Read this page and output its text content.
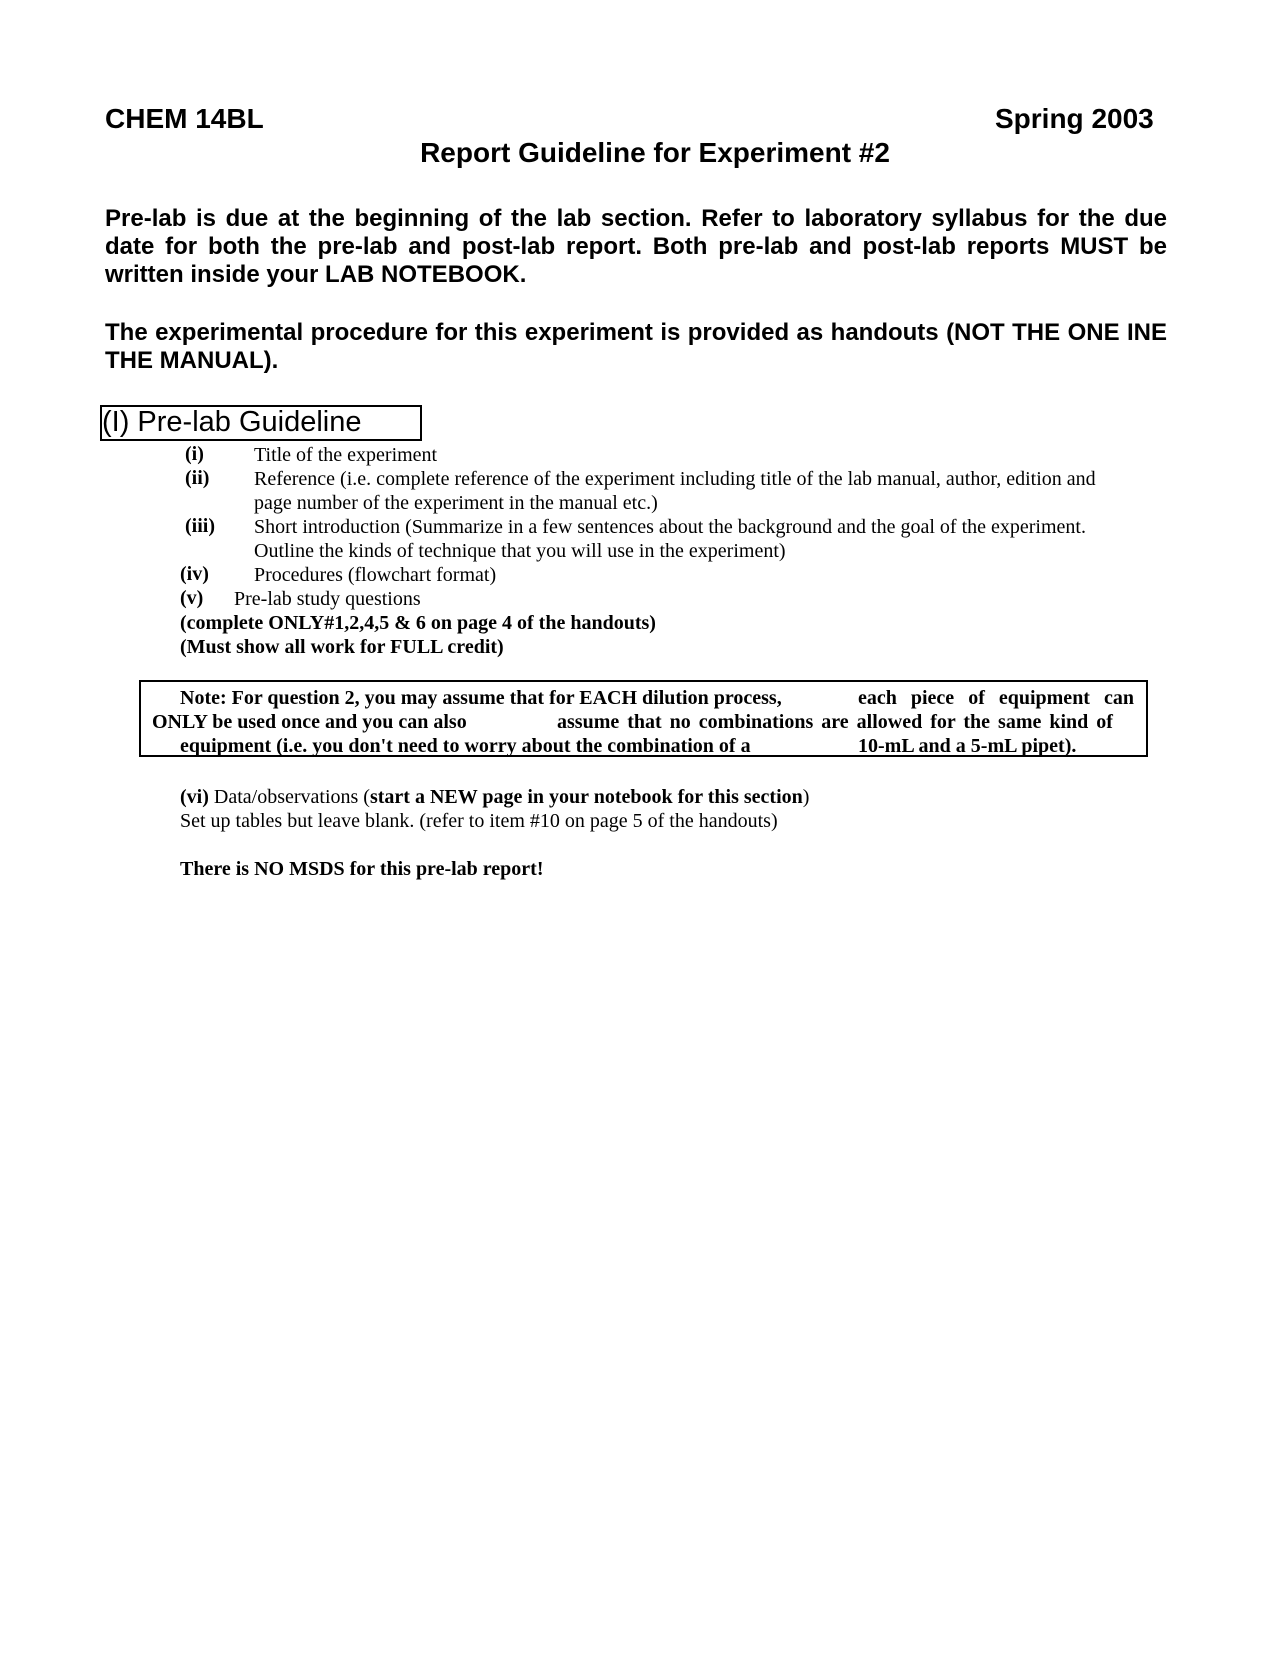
CHEM 14BL	Spring 2003
Report Guideline for Experiment #2
Pre-lab is due at the beginning of the lab section. Refer to laboratory syllabus for the due date for both the pre-lab and post-lab report. Both pre-lab and post-lab reports MUST be written inside your LAB NOTEBOOK.
The experimental procedure for this experiment is provided as handouts (NOT THE ONE INE THE MANUAL).
(I) Pre-lab Guideline
(i)	Title of the experiment
(ii) Reference (i.e. complete reference of the experiment including title of the lab manual, author, edition and
page number of the experiment in the manual etc.)
(iii) Short introduction (Summarize in a few sentences about the background and the goal of the experiment.
Outline the kinds of technique that you will use in the experiment)
(iv) Procedures (flowchart format)
(v) Pre-lab study questions
(complete ONLY#1,2,4,5 & 6 on page 4 of the handouts)
(Must show all work for FULL credit)
Note: For question 2, you may assume that for EACH dilution process,	each piece of equipment can
ONLY be used once and you can also	assume that no combinations are allowed for the same kind of
equipment (i.e. you don't need to worry about the combination of a	10-mL and a 5-mL pipet).
(vi) Data/observations (start a NEW page in your notebook for this section)
Set up tables but leave blank. (refer to item #10 on page 5 of the handouts)
There is NO MSDS for this pre-lab report!
